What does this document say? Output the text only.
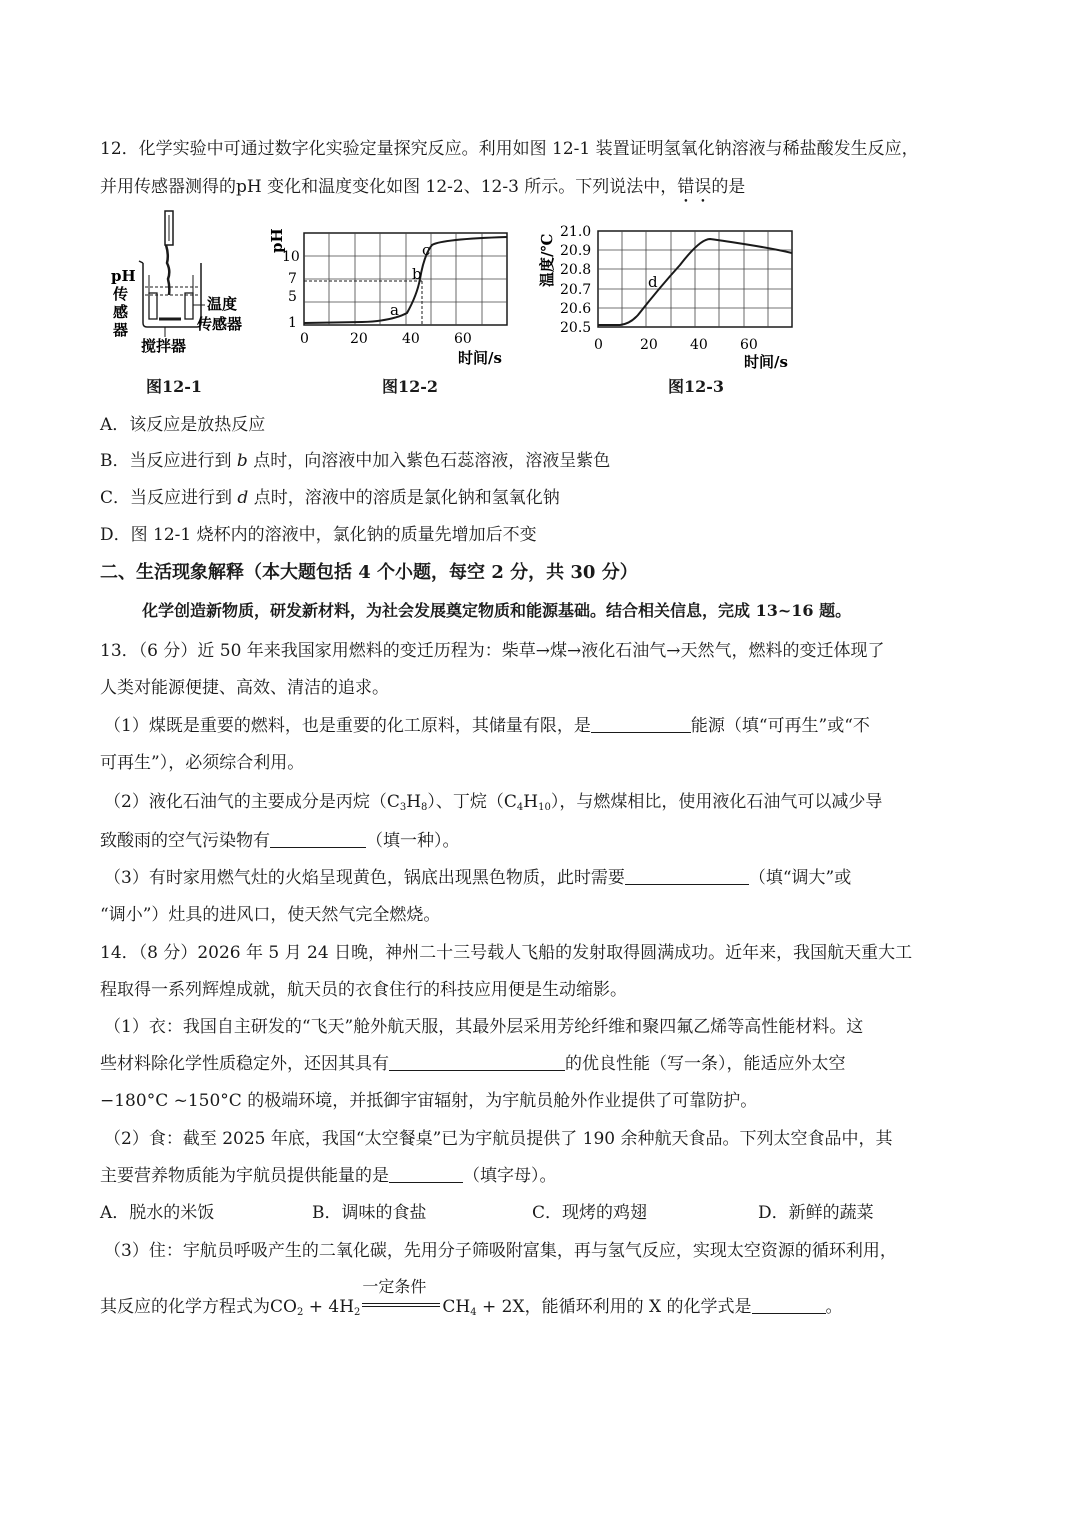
12．化学实验中可通过数字化实验定量探究反应。利用如图 12-1 装置证明氢氧化钠溶液与稀盐酸发生反应，
并用传感器测得的pH 变化和温度变化如图 12-2、12-3 所示。下列说法中，错误的是
pH
传
感
器
温度
传感器
搅拌器
图12-1
pH
10
7
5
1
0	20 40 60
时间/s
a
b
c
图12-2
温度/℃
21.0
20.9
20.8
20.7
20.6
20.5
0	20 40 60
时间/s
d
图12-3
A．该反应是放热反应
B．当反应进行到 b 点时，向溶液中加入紫色石蕊溶液，溶液呈紫色
C．当反应进行到 d 点时，溶液中的溶质是氯化钠和氢氧化钠
D．图 12-1 烧杯内的溶液中，氯化钠的质量先增加后不变
二、生活现象解释（本大题包括 4 个小题，每空 2 分，共 30 分）
化学创造新物质，研发新材料，为社会发展奠定物质和能源基础。结合相关信息，完成 13~16 题。
13．（6 分）近 50 年来我国家用燃料的变迁历程为：柴草→煤→液化石油气→天然气，燃料的变迁体现了
人类对能源便捷、高效、清洁的追求。
（1）煤既是重要的燃料，也是重要的化工原料，其储量有限，是	能源（填“可再生”或“不
可再生”），必须综合利用。
（2）液化石油气的主要成分是丙烷$(C_3H_8)$、丁烷$(C_4H_{10})$，与燃煤相比，使用液化石油气可以减少导
致酸雨的空气污染物有	（填一种）。
（3）有时家用燃气灶的火焰呈现黄色，锅底出现黑色物质，此时需要	（填“调大”或
“调小”）灶具的进风口，使天然气完全燃烧。
14．（8 分）2026 年 5 月 24 日晚，神州二十三号载人飞船的发射取得圆满成功。近年来，我国航天重大工
程取得一系列辉煌成就，航天员的衣食住行的科技应用便是生动缩影。
（1）衣：我国自主研发的“飞天”舱外航天服，其最外层采用芳纶纤维和聚四氟乙烯等高性能材料。这
些材料除化学性质稳定外，还因其具有	的优良性能（写一条），能适应外太空
−180°C ~150°C 的极端环境，并抵御宇宙辐射，为宇航员舱外作业提供了可靠防护。
（2）食：截至 2025 年底，我国“太空餐桌”已为宇航员提供了 190 余种航天食品。下列太空食品中，其
主要营养物质能为宇航员提供能量的是	（填字母）。
A．脱水的米饭	B．调味的食盐	C．现烤的鸡翅	D．新鲜的蔬菜
（3）住：宇航员呼吸产生的二氧化碳，先用分子筛吸附富集，再与氢气反应，实现太空资源的循环利用，
其反应的化学方程式为$CO_2 + 4H_2$
一定条件
$CH_4 + 2X$，能循环利用的 X 的化学式是	。
